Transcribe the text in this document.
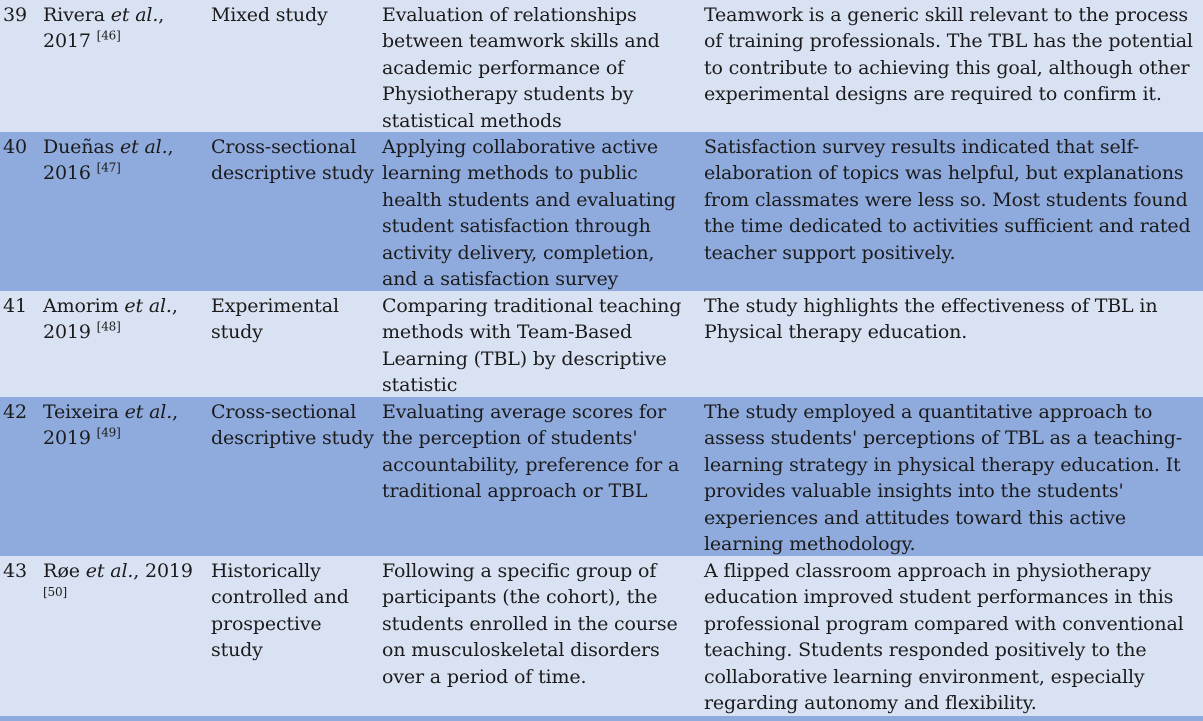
39 Rivera et al.,
2017 [46]
Mixed study	Evaluation of relationships between teamwork skills and academic performance of Physiotherapy students by statistical methods
Teamwork is a generic skill relevant to the process of training professionals. The TBL has the potential to contribute to achieving this goal, although other experimental designs are required to confirm it.
40 Dueñas et al.,
2016 [47]
Cross-sectional descriptive study
Applying collaborative active learning methods to public health students and evaluating student satisfaction through activity delivery, completion, and a satisfaction survey
Satisfaction survey results indicated that self-elaboration of topics was helpful, but explanations from classmates were less so. Most students found the time dedicated to activities sufficient and rated teacher support positively.
41 Amorim et al.,
2019 [48]
Experimental study
Comparing traditional teaching methods with Team-Based Learning (TBL) by descriptive statistic
The study highlights the effectiveness of TBL in Physical therapy education.
42 Teixeira et al.,
2019 [49]
Cross-sectional descriptive study
Evaluating average scores for the perception of students' accountability, preference for a traditional approach or TBL
The study employed a quantitative approach to assess students' perceptions of TBL as a teaching-learning strategy in physical therapy education. It provides valuable insights into the students' experiences and attitudes toward this active learning methodology.
43 Røe et al., 2019
[50]
Historically controlled and prospective study
Following a specific group of participants (the cohort), the students enrolled in the course on musculoskeletal disorders over a period of time.
A flipped classroom approach in physiotherapy education improved student performances in this professional program compared with conventional teaching. Students responded positively to the collaborative learning environment, especially regarding autonomy and flexibility.
